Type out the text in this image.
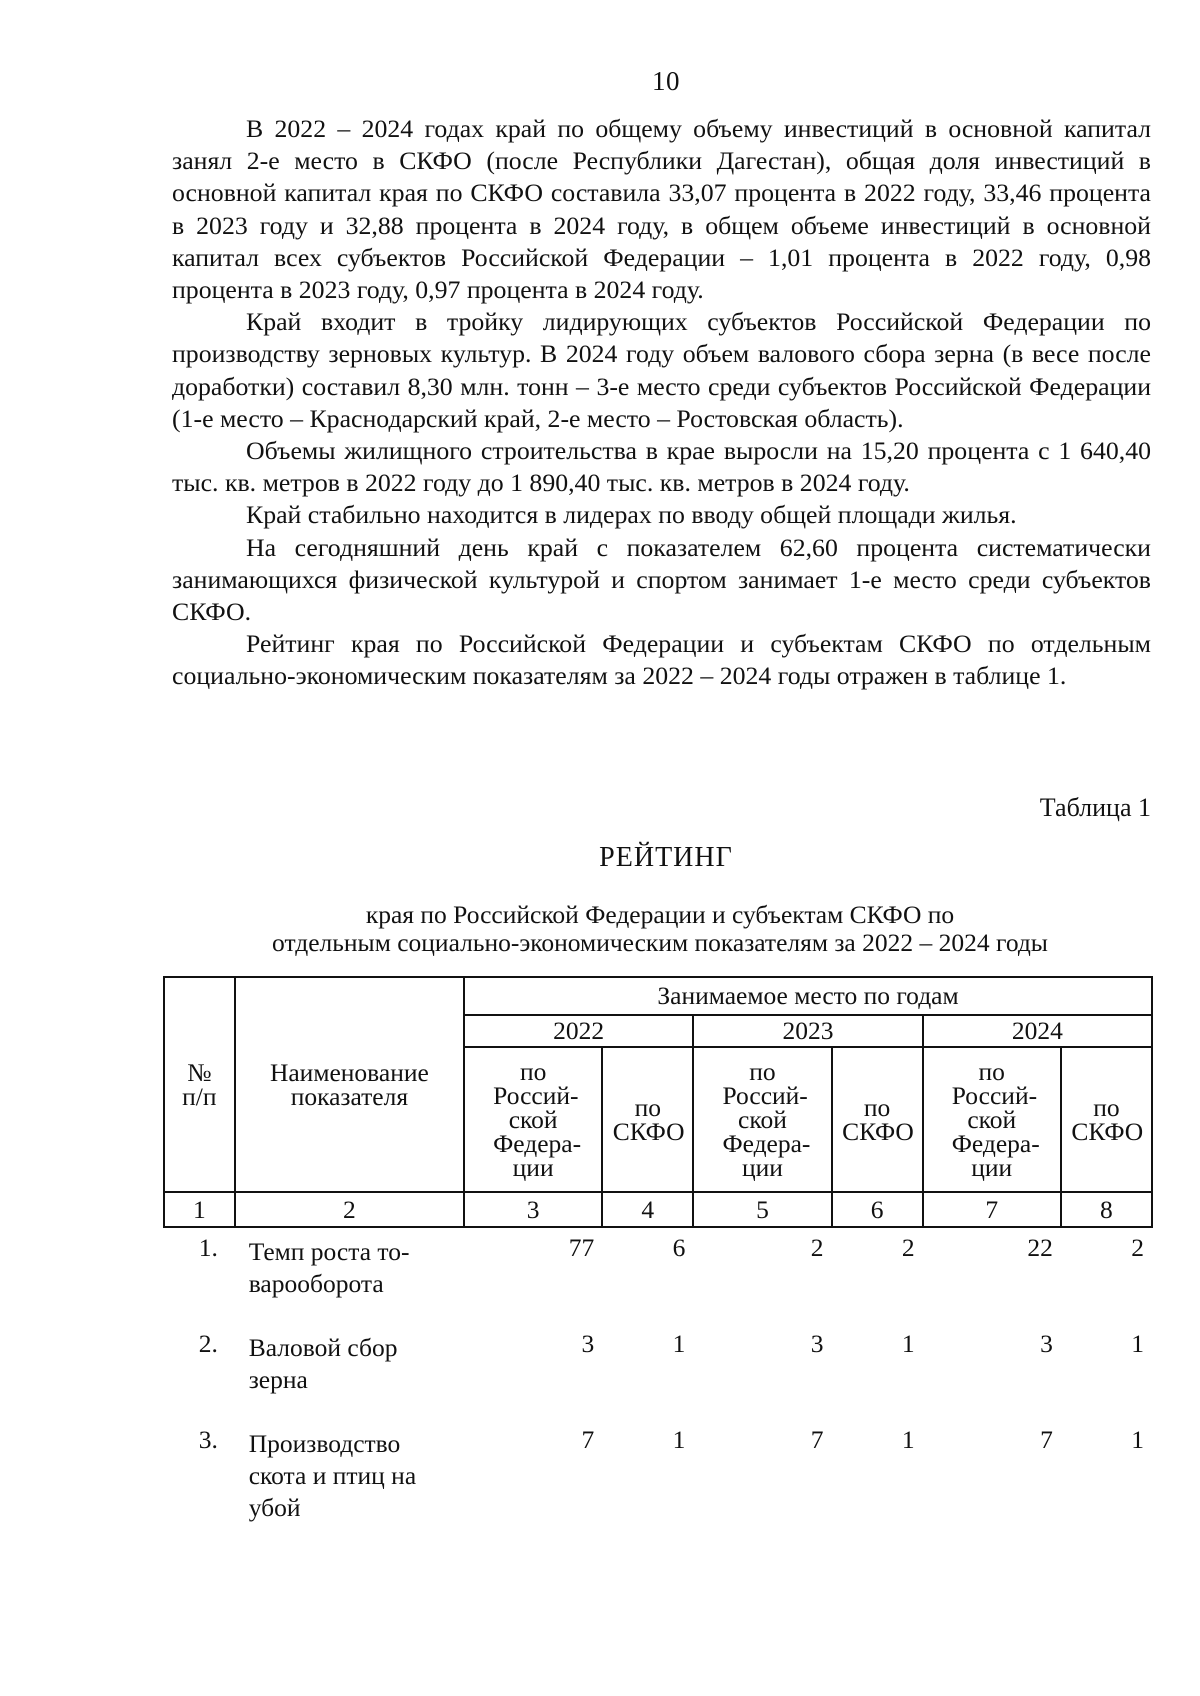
10

В 2022 – 2024 годах край по общему объему инвестиций в основной капитал занял 2-е место в СКФО (после Республики Дагестан), общая доля инвестиций в основной капитал края по СКФО составила 33,07 процента в 2022 году, 33,46 процента в 2023 году и 32,88 процента в 2024 году, в общем объеме инвестиций в основной капитал всех субъектов Российской Федерации – 1,01 процента в 2022 году, 0,98 процента в 2023 году, 0,97 процента в 2024 году.

Край входит в тройку лидирующих субъектов Российской Федерации по производству зерновых культур. В 2024 году объем валового сбора зерна (в весе после доработки) составил 8,30 млн. тонн – 3-е место среди субъектов Российской Федерации (1-е место – Краснодарский край, 2-е место – Ростовская область).

Объемы жилищного строительства в крае выросли на 15,20 процента с 1 640,40 тыс. кв. метров в 2022 году до 1 890,40 тыс. кв. метров в 2024 году.

Край стабильно находится в лидерах по вводу общей площади жилья.

На сегодняшний день край с показателем 62,60 процента систематически занимающихся физической культурой и спортом занимает 1-е место среди субъектов СКФО.

Рейтинг края по Российской Федерации и субъектам СКФО по отдельным социально-экономическим показателям за 2022 – 2024 годы отражен в таблице 1.

Таблица 1
РЕЙТИНГ
края по Российской Федерации и субъектам СКФО по
отдельным социально-экономическим показателям за 2022 – 2024 годы
№ п/п	Наименование показателя	Занимаемое место по годам					
		2022		2023		2024	
		по Россий-ской Федера-ции	по СКФО	по Россий-ской Федера-ции	по СКФО	по Россий-ской Федера-ции	по СКФО
1	2	3	4	5	6	7	8
1.	Темп роста то-варооборота	77	6	2	2	22	2
2.	Валовой сбор зерна	3	1	3	1	3	1
3.	Производство скота и птиц на убой	7	1	7	1	7	1
